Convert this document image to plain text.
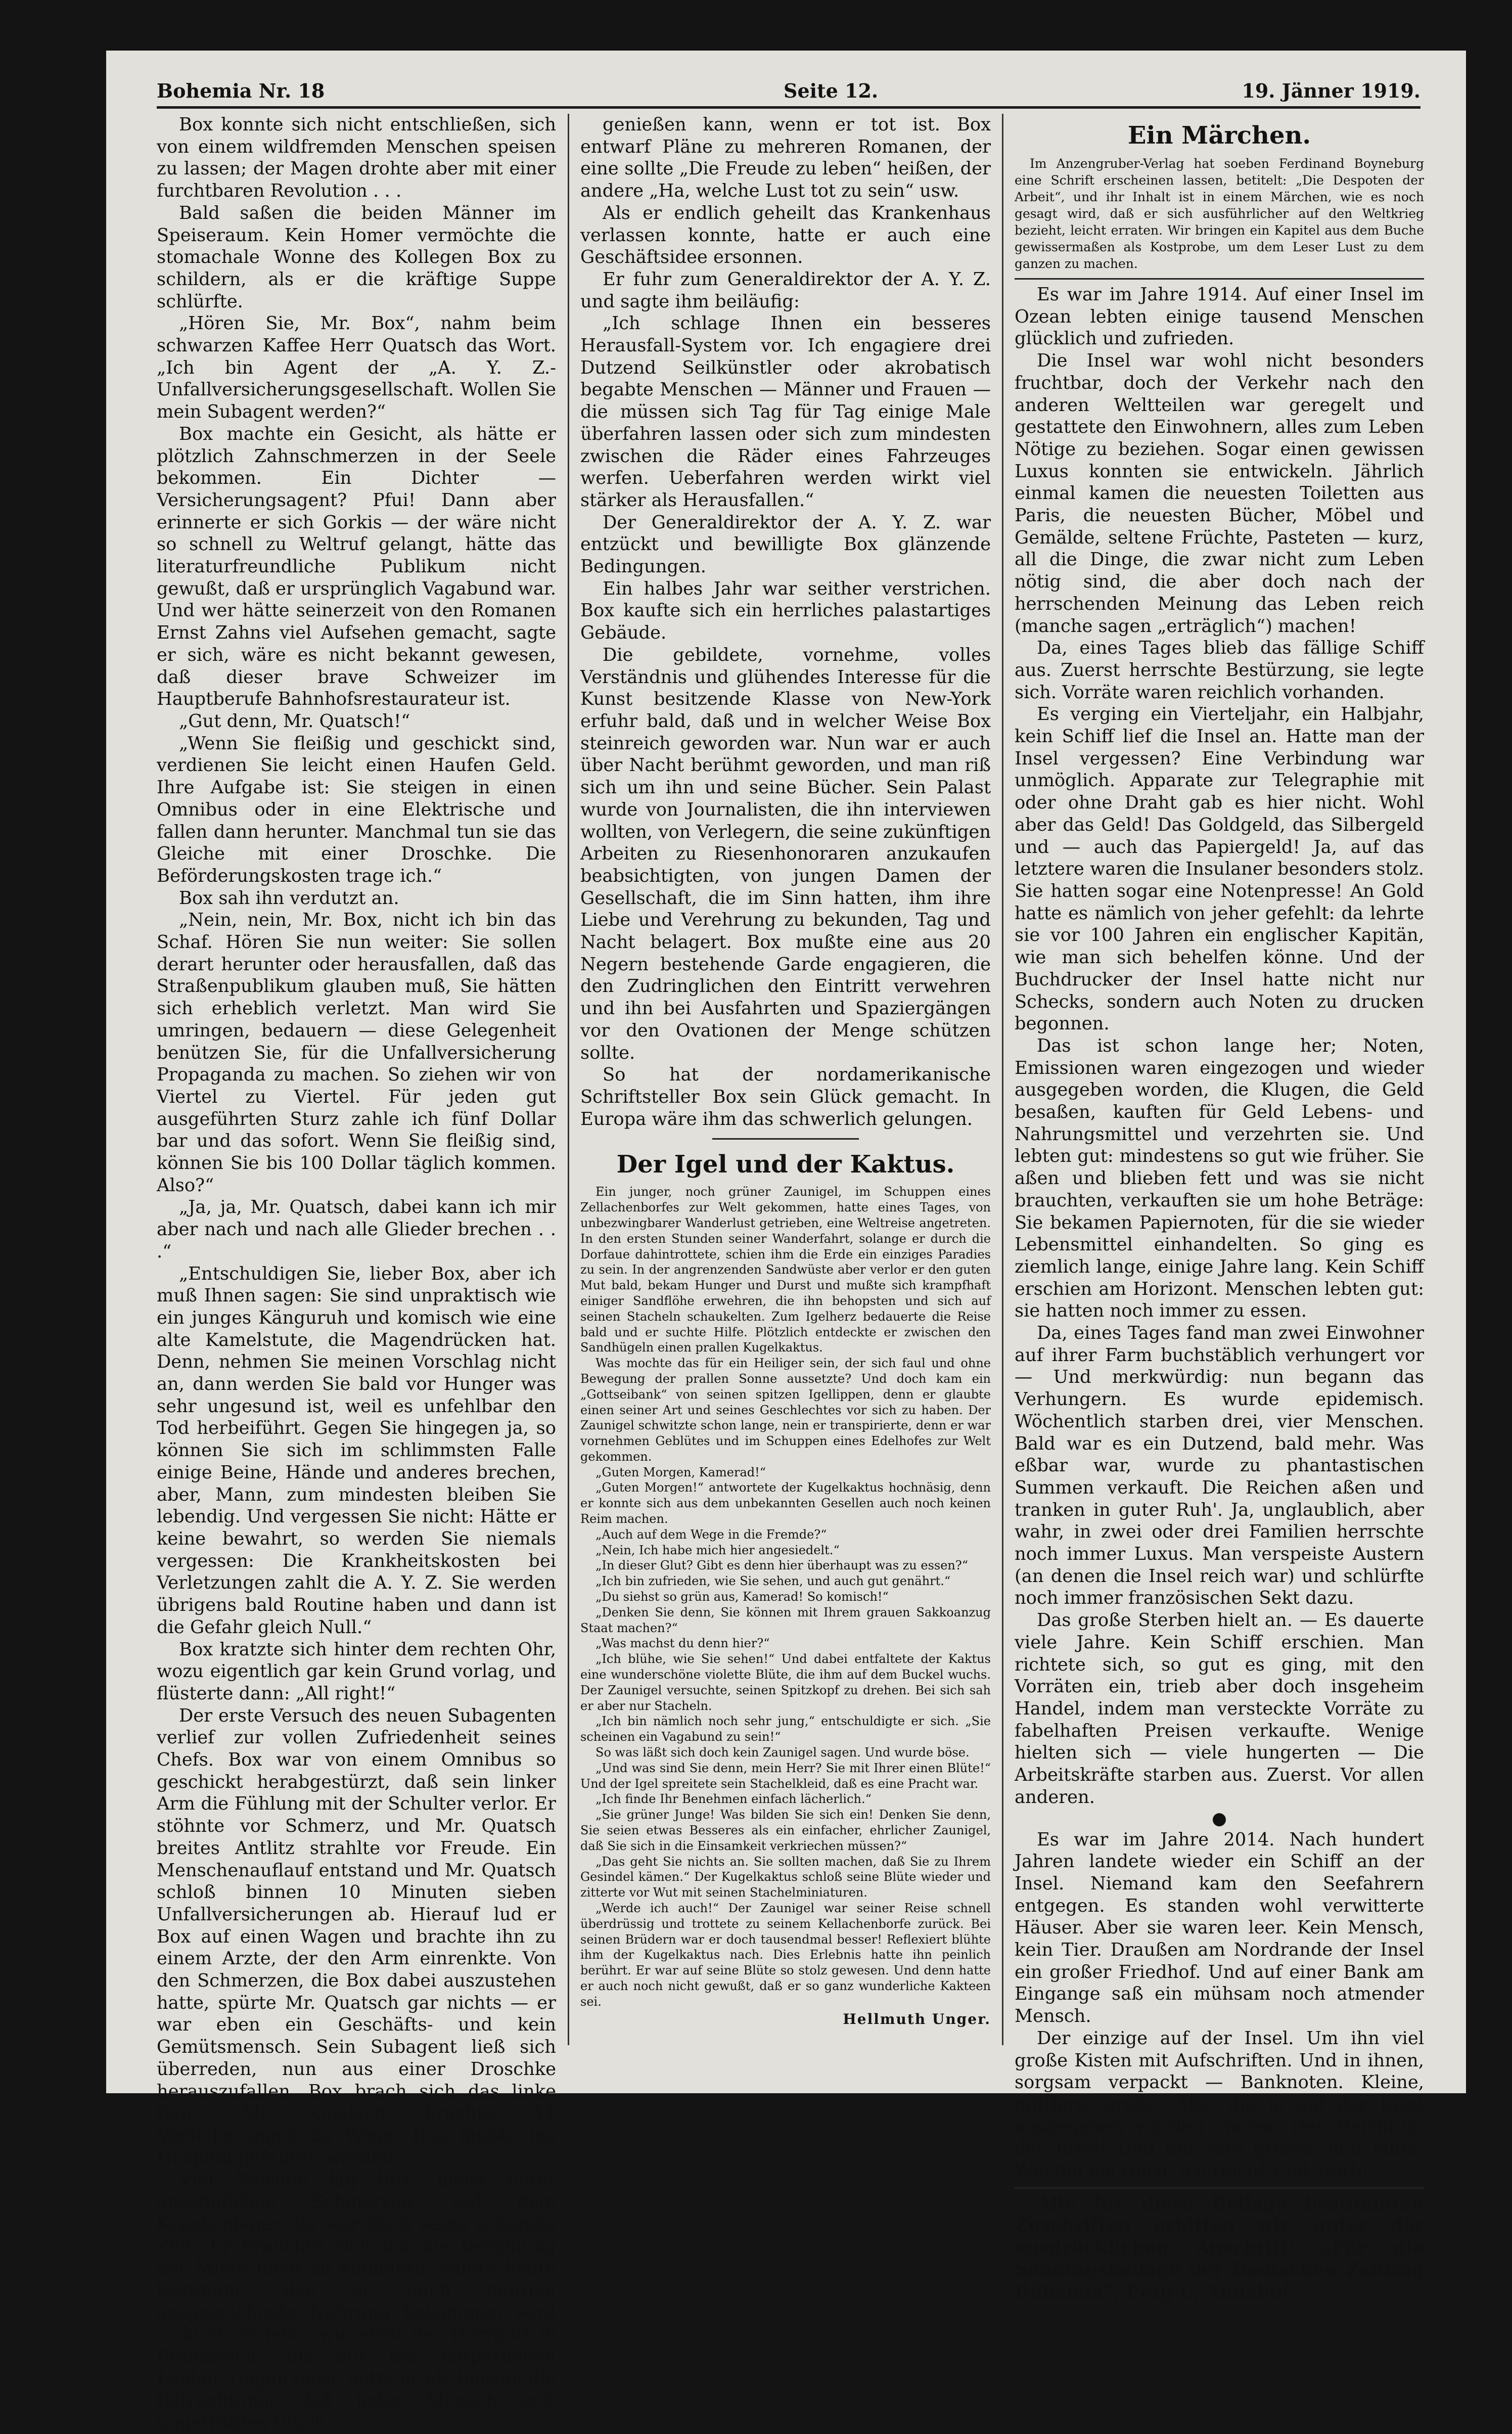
Bohemia Nr. 18	Seite 12.	19. Jänner 1919.

Box konnte sich nicht entschließen, sich von einem wildfremden Menschen speisen zu lassen; der Magen drohte aber mit einer furchtbaren Revolution . . .

Bald saßen die beiden Männer im Speiseraum. Kein Homer vermöchte die stomachale Wonne des Kollegen Box zu schildern, als er die kräftige Suppe schlürfte.

„Hören Sie, Mr. Box“, nahm beim schwarzen Kaffee Herr Quatsch das Wort. „Ich bin Agent der „A. Y. Z.-Unfallversicherungsgesellschaft. Wollen Sie mein Subagent werden?“

Box machte ein Gesicht, als hätte er plötzlich Zahnschmerzen in der Seele bekommen. Ein Dichter — Versicherungsagent? Pfui! Dann aber erinnerte er sich Gorkis — der wäre nicht so schnell zu Weltruf gelangt, hätte das literaturfreundliche Publikum nicht gewußt, daß er ursprünglich Vagabund war. Und wer hätte seinerzeit von den Romanen Ernst Zahns viel Aufsehen gemacht, sagte er sich, wäre es nicht bekannt gewesen, daß dieser brave Schweizer im Hauptberufe Bahnhofsrestaurateur ist.

„Gut denn, Mr. Quatsch!“

„Wenn Sie fleißig und geschickt sind, verdienen Sie leicht einen Haufen Geld. Ihre Aufgabe ist: Sie steigen in einen Omnibus oder in eine Elektrische und fallen dann herunter. Manchmal tun sie das Gleiche mit einer Droschke. Die Beförderungskosten trage ich.“

Box sah ihn verdutzt an.

„Nein, nein, Mr. Box, nicht ich bin das Schaf. Hören Sie nun weiter: Sie sollen derart herunter oder herausfallen, daß das Straßenpublikum glauben muß, Sie hätten sich erheblich verletzt. Man wird Sie umringen, bedauern — diese Gelegenheit benützen Sie, für die Unfallversicherung Propaganda zu machen. So ziehen wir von Viertel zu Viertel. Für jeden gut ausgeführten Sturz zahle ich fünf Dollar bar und das sofort. Wenn Sie fleißig sind, können Sie bis 100 Dollar täglich kommen. Also?“

„Ja, ja, Mr. Quatsch, dabei kann ich mir aber nach und nach alle Glieder brechen . . .“

„Entschuldigen Sie, lieber Box, aber ich muß Ihnen sagen: Sie sind unpraktisch wie ein junges Känguruh und komisch wie eine alte Kamelstute, die Magendrücken hat. Denn, nehmen Sie meinen Vorschlag nicht an, dann werden Sie bald vor Hunger was sehr ungesund ist, weil es unfehlbar den Tod herbeiführt. Gegen Sie hingegen ja, so können Sie sich im schlimmsten Falle einige Beine, Hände und anderes brechen, aber, Mann, zum mindesten bleiben Sie lebendig. Und vergessen Sie nicht: Hätte er keine bewahrt, so werden Sie niemals vergessen: Die Krankheitskosten bei Verletzungen zahlt die A. Y. Z. Sie werden übrigens bald Routine haben und dann ist die Gefahr gleich Null.“

Box kratzte sich hinter dem rechten Ohr, wozu eigentlich gar kein Grund vorlag, und flüsterte dann: „All right!“

Der erste Versuch des neuen Subagenten verlief zur vollen Zufriedenheit seines Chefs. Box war von einem Omnibus so geschickt herabgestürzt, daß sein linker Arm die Fühlung mit der Schulter verlor. Er stöhnte vor Schmerz, und Mr. Quatsch breites Antlitz strahlte vor Freude. Ein Menschenauflauf entstand und Mr. Quatsch schloß binnen 10 Minuten sieben Unfallversicherungen ab. Hierauf lud er Box auf einen Wagen und brachte ihn zu einem Arzte, der den Arm einrenkte. Von den Schmerzen, die Box dabei auszustehen hatte, spürte Mr. Quatsch gar nichts — er war eben ein Geschäfts- und kein Gemütsmensch. Sein Subagent ließ sich überreden, nun aus einer Droschke herauszufallen. Box brach sich das linke Bein. Mr. Quatsch brachte 11 Versicherungen zu Wege. Box mußte ins Hospital gefahren werden.

Vier Wochen lag Box, meist unter ansehnlichen Schmerzen, auf dem Krankenlager. Es war doch seine schönste Zeit. Er brauchte sich um die Bezahlung der Miete nicht zu kümmern, wußte heute bestimmt, daß er auch morgen ausgezeichnete Nahrung bekommen wird — kurz, er lebte wie einst der Herrgott in Frankreich, bis auf die körperlichen Leiden. Gegen diese hatte er als Balsam die Betrachtung, daß jeder Mensch erst ungetrübtes Glück

genießen kann, wenn er tot ist. Box entwarf Pläne zu mehreren Romanen, der eine sollte „Die Freude zu leben“ heißen, der andere „Ha, welche Lust tot zu sein“ usw.

Als er endlich geheilt das Krankenhaus verlassen konnte, hatte er auch eine Geschäftsidee ersonnen.

Er fuhr zum Generaldirektor der A. Y. Z. und sagte ihm beiläufig:

„Ich schlage Ihnen ein besseres Herausfall-System vor. Ich engagiere drei Dutzend Seilkünstler oder akrobatisch begabte Menschen — Männer und Frauen — die müssen sich Tag für Tag einige Male überfahren lassen oder sich zum mindesten zwischen die Räder eines Fahrzeuges werfen. Ueberfahren werden wirkt viel stärker als Herausfallen.“

Der Generaldirektor der A. Y. Z. war entzückt und bewilligte Box glänzende Bedingungen.

Ein halbes Jahr war seither verstrichen. Box kaufte sich ein herrliches palastartiges Gebäude.

Die gebildete, vornehme, volles Verständnis und glühendes Interesse für die Kunst besitzende Klasse von New-York erfuhr bald, daß und in welcher Weise Box steinreich geworden war. Nun war er auch über Nacht berühmt geworden, und man riß sich um ihn und seine Bücher. Sein Palast wurde von Journalisten, die ihn interviewen wollten, von Verlegern, die seine zukünftigen Arbeiten zu Riesenhonoraren anzukaufen beabsichtigten, von jungen Damen der Gesellschaft, die im Sinn hatten, ihm ihre Liebe und Verehrung zu bekunden, Tag und Nacht belagert. Box mußte eine aus 20 Negern bestehende Garde engagieren, die den Zudringlichen den Eintritt verwehren und ihn bei Ausfahrten und Spaziergängen vor den Ovationen der Menge schützen sollte.

So hat der nordamerikanische Schriftsteller Box sein Glück gemacht. In Europa wäre ihm das schwerlich gelungen.

Der Igel und der Kaktus.

Ein junger, noch grüner Zaunigel, im Schuppen eines Zellachenborfes zur Welt gekommen, hatte eines Tages, von unbezwingbarer Wanderlust getrieben, eine Weltreise angetreten. In den ersten Stunden seiner Wanderfahrt, solange er durch die Dorfaue dahintrottete, schien ihm die Erde ein einziges Paradies zu sein. In der angrenzenden Sandwüste aber verlor er den guten Mut bald, bekam Hunger und Durst und mußte sich krampfhaft einiger Sandflöhe erwehren, die ihn behopsten und sich auf seinen Stacheln schaukelten. Zum Igelherz bedauerte die Reise bald und er suchte Hilfe. Plötzlich entdeckte er zwischen den Sandhügeln einen prallen Kugelkaktus.

Was mochte das für ein Heiliger sein, der sich faul und ohne Bewegung der prallen Sonne aussetzte? Und doch kam ein „Gottseibank“ von seinen spitzen Igellippen, denn er glaubte einen seiner Art und seines Geschlechtes vor sich zu haben. Der Zaunigel schwitzte schon lange, nein er transpirierte, denn er war vornehmen Geblütes und im Schuppen eines Edelhofes zur Welt gekommen.

„Guten Morgen, Kamerad!“

„Guten Morgen!“ antwortete der Kugelkaktus hochnäsig, denn er konnte sich aus dem unbekannten Gesellen auch noch keinen Reim machen.

„Auch auf dem Wege in die Fremde?“

„Nein, Ich habe mich hier angesiedelt.“

„In dieser Glut? Gibt es denn hier überhaupt was zu essen?“

„Ich bin zufrieden, wie Sie sehen, und auch gut genährt.“

„Du siehst so grün aus, Kamerad! So komisch!“

„Denken Sie denn, Sie können mit Ihrem grauen Sakkoanzug Staat machen?“

„Was machst du denn hier?“

„Ich blühe, wie Sie sehen!“ Und dabei entfaltete der Kaktus eine wunderschöne violette Blüte, die ihm auf dem Buckel wuchs. Der Zaunigel versuchte, seinen Spitzkopf zu drehen. Bei sich sah er aber nur Stacheln.

„Ich bin nämlich noch sehr jung,“ entschuldigte er sich. „Sie scheinen ein Vagabund zu sein!“

So was läßt sich doch kein Zaunigel sagen. Und wurde böse.

„Und was sind Sie denn, mein Herr? Sie mit Ihrer einen Blüte!“ Und der Igel spreitete sein Stachelkleid, daß es eine Pracht war.

„Ich finde Ihr Benehmen einfach lächerlich.“

„Sie grüner Junge! Was bilden Sie sich ein! Denken Sie denn, Sie seien etwas Besseres als ein einfacher, ehrlicher Zaunigel, daß Sie sich in die Einsamkeit verkriechen müssen?“

„Das geht Sie nichts an. Sie sollten machen, daß Sie zu Ihrem Gesindel kämen.“ Der Kugelkaktus schloß seine Blüte wieder und zitterte vor Wut mit seinen Stachelminiaturen.

„Werde ich auch!“ Der Zaunigel war seiner Reise schnell überdrüssig und trottete zu seinem Kellachenborfe zurück. Bei seinen Brüdern war er doch tausendmal besser! Reflexiert blühte ihm der Kugelkaktus nach. Dies Erlebnis hatte ihn peinlich berührt. Er war auf seine Blüte so stolz gewesen. Und denn hatte er auch noch nicht gewußt, daß er so ganz wunderliche Kakteen sei.

Hellmuth Unger.
Ein Märchen.

Im Anzengruber-Verlag hat soeben Ferdinand Boyneburg eine Schrift erscheinen lassen, betitelt: „Die Despoten der Arbeit“, und ihr Inhalt ist in einem Märchen, wie es noch gesagt wird, daß er sich ausführlicher auf den Weltkrieg bezieht, leicht erraten. Wir bringen ein Kapitel aus dem Buche gewissermaßen als Kostprobe, um dem Leser Lust zu dem ganzen zu machen.

Es war im Jahre 1914. Auf einer Insel im Ozean lebten einige tausend Menschen glücklich und zufrieden.

Die Insel war wohl nicht besonders fruchtbar, doch der Verkehr nach den anderen Weltteilen war geregelt und gestattete den Einwohnern, alles zum Leben Nötige zu beziehen. Sogar einen gewissen Luxus konnten sie entwickeln. Jährlich einmal kamen die neuesten Toiletten aus Paris, die neuesten Bücher, Möbel und Gemälde, seltene Früchte, Pasteten — kurz, all die Dinge, die zwar nicht zum Leben nötig sind, die aber doch nach der herrschenden Meinung das Leben reich (manche sagen „erträglich“) machen!

Da, eines Tages blieb das fällige Schiff aus. Zuerst herrschte Bestürzung, sie legte sich. Vorräte waren reichlich vorhanden.

Es verging ein Vierteljahr, ein Halbjahr, kein Schiff lief die Insel an. Hatte man der Insel vergessen? Eine Verbindung war unmöglich. Apparate zur Telegraphie mit oder ohne Draht gab es hier nicht. Wohl aber das Geld! Das Goldgeld, das Silbergeld und — auch das Papiergeld! Ja, auf das letztere waren die Insulaner besonders stolz. Sie hatten sogar eine Notenpresse! An Gold hatte es nämlich von jeher gefehlt: da lehrte sie vor 100 Jahren ein englischer Kapitän, wie man sich behelfen könne. Und der Buchdrucker der Insel hatte nicht nur Schecks, sondern auch Noten zu drucken begonnen.

Das ist schon lange her; Noten, Emissionen waren eingezogen und wieder ausgegeben worden, die Klugen, die Geld besaßen, kauften für Geld Lebens- und Nahrungsmittel und verzehrten sie. Und lebten gut: mindestens so gut wie früher. Sie aßen und blieben fett und was sie nicht brauchten, verkauften sie um hohe Beträge: Sie bekamen Papiernoten, für die sie wieder Lebensmittel einhandelten. So ging es ziemlich lange, einige Jahre lang. Kein Schiff erschien am Horizont. Menschen lebten gut: sie hatten noch immer zu essen.

Da, eines Tages fand man zwei Einwohner auf ihrer Farm buchstäblich verhungert vor — Und merkwürdig: nun begann das Verhungern. Es wurde epidemisch. Wöchentlich starben drei, vier Menschen. Bald war es ein Dutzend, bald mehr. Was eßbar war, wurde zu phantastischen Summen verkauft. Die Reichen aßen und tranken in guter Ruh'. Ja, unglaublich, aber wahr, in zwei oder drei Familien herrschte noch immer Luxus. Man verspeiste Austern (an denen die Insel reich war) und schlürfte noch immer französischen Sekt dazu.

Das große Sterben hielt an. — Es dauerte viele Jahre. Kein Schiff erschien. Man richtete sich, so gut es ging, mit den Vorräten ein, trieb aber doch insgeheim Handel, indem man versteckte Vorräte zu fabelhaften Preisen verkaufte. Wenige hielten sich — viele hungerten — Die Arbeitskräfte starben aus. Zuerst. Vor allen anderen.

●

Es war im Jahre 2014. Nach hundert Jahren landete wieder ein Schiff an der Insel. Niemand kam den Seefahrern entgegen. Es standen wohl verwitterte Häuser. Aber sie waren leer. Kein Mensch, kein Tier. Draußen am Nordrande der Insel ein großer Friedhof. Und auf einer Bank am Eingange saß ein mühsam noch atmender Mensch.

Der einzige auf der Insel. Um ihn viel große Kisten mit Aufschriften. Und in ihnen, sorgsam verpackt — Banknoten. Kleine, mittlere, große. Alle, die je auf der Insel ausgegeben worden waren. Der Reichtum der Insel! Und der Alte grinste und lallte: Wie bin ich reich, ich reich! Und starb!

Alle für diese Beilage bestimmten Zuschriften erbitten wir unter der ausdrücklichen Anschrift: „Für die Sonntagsbeilage der Deutschen Zeitung Bohemia“, Prag I., Annahof.
